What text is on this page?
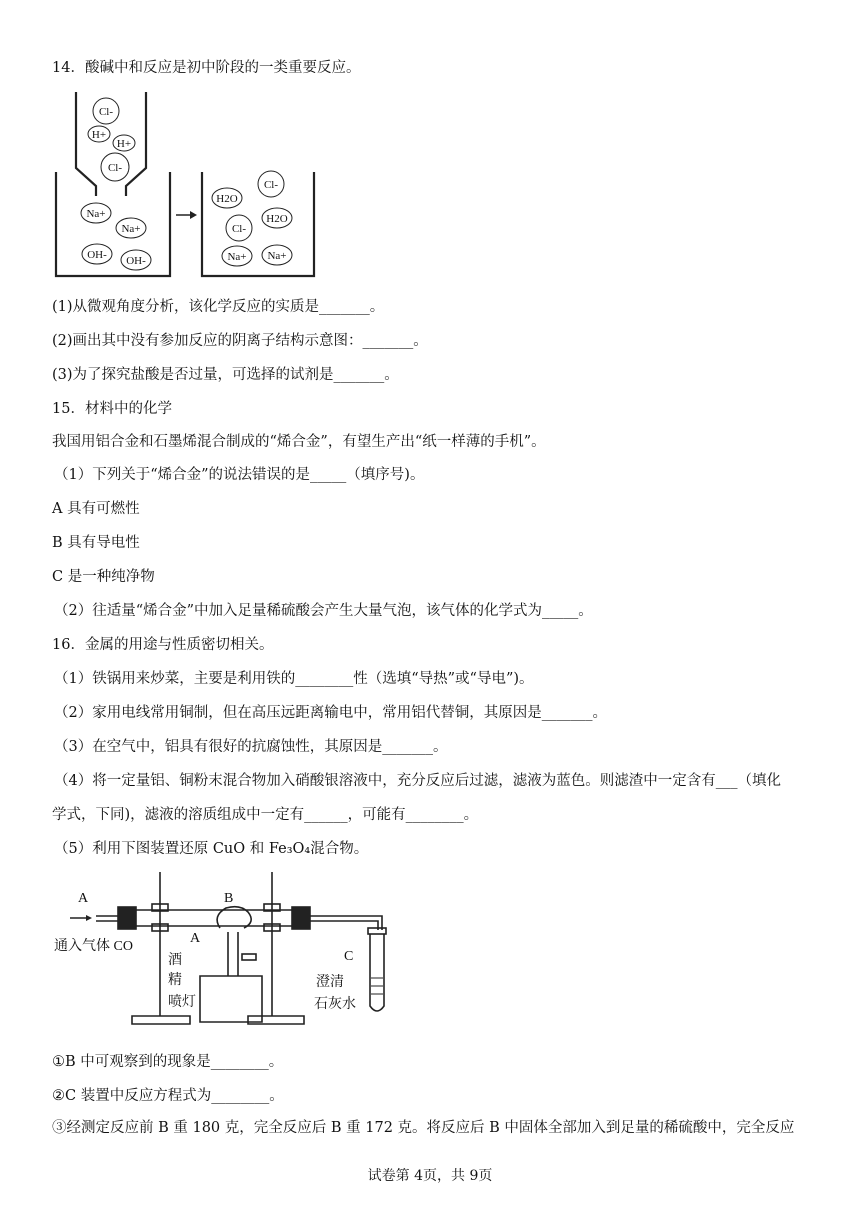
14．酸碱中和反应是初中阶段的一类重要反应。
Cl-
H+
H+
Cl-
Na+
Na+
OH- OH-
H2O
Cl-
H2O
Cl-
Na+ Na+
(1)从微观角度分析，该化学反应的实质是_______。
(2)画出其中没有参加反应的阴离子结构示意图：_______。
(3)为了探究盐酸是否过量，可选择的试剂是_______。
15．材料中的化学
我国用铝合金和石墨烯混合制成的“烯合金”，有望生产出“纸一样薄的手机”。
（1）下列关于“烯合金”的说法错误的是_____（填序号)。
A 具有可燃性
B 具有导电性
C 是一种纯净物
（2）往适量“烯合金”中加入足量稀硫酸会产生大量气泡，该气体的化学式为_____。
16．金属的用途与性质密切相关。
（1）铁锅用来炒菜，主要是利用铁的________性（选填“导热”或“导电”)。
（2）家用电线常用铜制，但在高压远距离输电中，常用铝代替铜，其原因是_______。
（3）在空气中，铝具有很好的抗腐蚀性，其原因是_______。
（4）将一定量铝、铜粉末混合物加入硝酸银溶液中，充分反应后过滤，滤液为蓝色。则滤渣中一定含有___（填化
学式，下同)，滤液的溶质组成中一定有______，可能有________。
（5）利用下图装置还原 CuO 和 Fe₃O₄混合物。
A	B
A
C
通入气体 CO
酒
精
喷灯
澄清
石灰水
①B 中可观察到的现象是________。
②C 装置中反应方程式为________。
③经测定反应前 B 重 180 克，完全反应后 B 重 172 克。将反应后 B 中固体全部加入到足量的稀硫酸中，完全反应
试卷第 4页，共 9页
